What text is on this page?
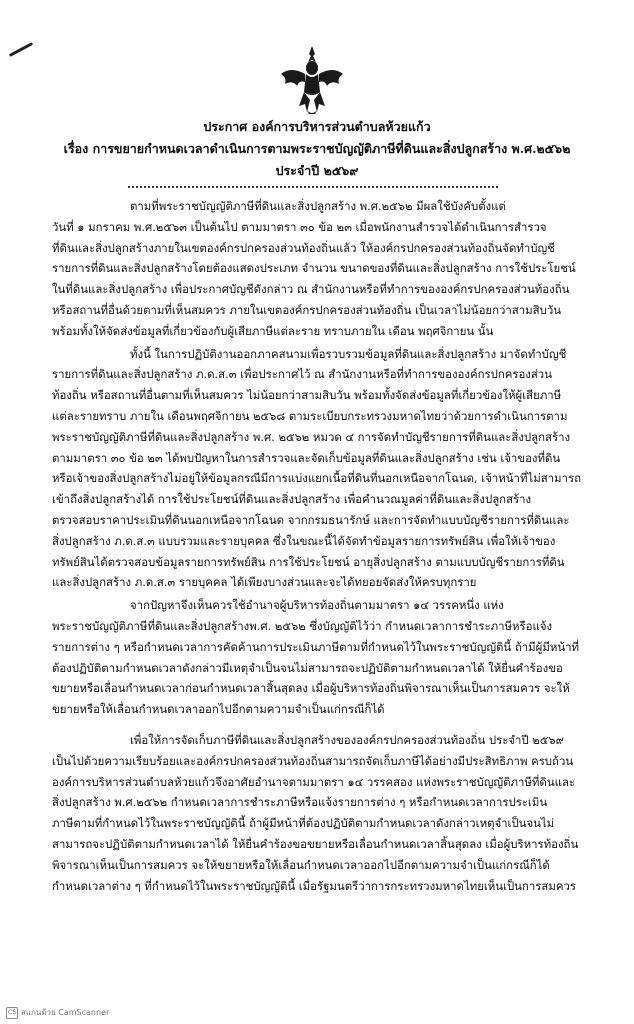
ประกาศ องค์การบริหารส่วนตำบลห้วยแก้ว
เรื่อง การขยายกำหนดเวลาดำเนินการตามพระราชบัญญัติภาษีที่ดินและสิ่งปลูกสร้าง พ.ศ.๒๕๖๒
ประจำปี ๒๕๖๙
ตามที่พระราชบัญญัติภาษีที่ดินและสิ่งปลูกสร้าง พ.ศ.๒๕๖๒ มีผลใช้บังคับตั้งแต่
วันที่ ๑ มกราคม พ.ศ.๒๕๖๓ เป็นต้นไป ตามมาตรา ๓๐ ข้อ ๒๓ เมื่อพนักงานสำรวจได้ดำเนินการสำรวจ
ที่ดินและสิ่งปลูกสร้างภายในเขตองค์กรปกครองส่วนท้องถิ่นแล้ว ให้องค์กรปกครองส่วนท้องถิ่นจัดทำบัญชี
รายการที่ดินและสิ่งปลูกสร้างโดยต้องแสดงประเภท จำนวน ขนาดของที่ดินและสิ่งปลูกสร้าง การใช้ประโยชน์
ในที่ดินและสิ่งปลูกสร้าง เพื่อประกาศบัญชีดังกล่าว ณ สำนักงานหรือที่ทำการขององค์กรปกครองส่วนท้องถิ่น
หรือสถานที่อื่นด้วยตามที่เห็นสมควร ภายในเขตองค์กรปกครองส่วนท้องถิ่น เป็นเวลาไม่น้อยกว่าสามสิบวัน
พร้อมทั้งให้จัดส่งข้อมูลที่เกี่ยวข้องกับผู้เสียภาษีแต่ละราย ทราบภายใน เดือน พฤศจิกายน นั้น
ทั้งนี้ ในการปฏิบัติงานออกภาคสนามเพื่อรวบรวมข้อมูลที่ดินและสิ่งปลูกสร้าง มาจัดทำบัญชี
รายการที่ดินและสิ่งปลูกสร้าง ภ.ด.ส.๓ เพื่อประกาศไว้ ณ สำนักงานหรือที่ทำการขององค์กรปกครองส่วน
ท้องถิ่น หรือสถานที่อื่นตามที่เห็นสมควร ไม่น้อยกว่าสามสิบวัน พร้อมทั้งจัดส่งข้อมูลที่เกี่ยวข้องให้ผู้เสียภาษี
แต่ละรายทราบ ภายใน เดือนพฤศจิกายน ๒๕๖๘ ตามระเบียบกระทรวงมหาดไทยว่าด้วยการดำเนินการตาม
พระราชบัญญัติภาษีที่ดินและสิ่งปลูกสร้าง พ.ศ. ๒๕๖๒ หมวด ๔ การจัดทำบัญชีรายการที่ดินและสิ่งปลูกสร้าง
ตามมาตรา ๓๐ ข้อ ๒๓ ได้พบปัญหาในการสำรวจและจัดเก็บข้อมูลที่ดินและสิ่งปลูกสร้าง เช่น เจ้าของที่ดิน
หรือเจ้าของสิ่งปลูกสร้างไม่อยู่ให้ข้อมูลกรณีมีการแบ่งแยกเนื้อที่ดินที่นอกเหนือจากโฉนด, เจ้าหน้าที่ไม่สามารถ
เข้าถึงสิ่งปลูกสร้างได้ การใช้ประโยชน์ที่ดินและสิ่งปลูกสร้าง เพื่อคำนวณมูลค่าที่ดินและสิ่งปลูกสร้าง
ตรวจสอบราคาประเมินที่ดินนอกเหนือจากโฉนด จากกรมธนารักษ์ และการจัดทำแบบบัญชีรายการที่ดินและ
สิ่งปลูกสร้าง ภ.ด.ส.๓ แบบรวมและรายบุคคล ซึ่งในขณะนี้ได้จัดทำข้อมูลรายการทรัพย์สิน เพื่อให้เจ้าของ
ทรัพย์สินได้ตรวจสอบข้อมูลรายการทรัพย์สิน การใช้ประโยชน์ อายุสิ่งปลูกสร้าง ตามแบบบัญชีรายการที่ดิน
และสิ่งปลูกสร้าง ภ.ด.ส.๓ รายบุคคล ได้เพียงบางส่วนและจะได้ทยอยจัดส่งให้ครบทุกราย
จากปัญหาจึงเห็นควรใช้อำนาจผู้บริหารท้องถิ่นตามมาตรา ๑๔ วรรคหนึ่ง แห่ง
พระราชบัญญัติภาษีที่ดินและสิ่งปลูกสร้างพ.ศ. ๒๕๖๒ ซึ่งบัญญัติไว้ว่า กำหนดเวลาการชำระภาษีหรือแจ้ง
รายการต่าง ๆ หรือกำหนดเวลาการคัดค้านการประเมินภาษีตามที่กำหนดไว้ในพระราชบัญญัตินี้ ถ้ามีผู้มีหน้าที่
ต้องปฏิบัติตามกำหนดเวลาดังกล่าวมีเหตุจำเป็นจนไม่สามารถจะปฏิบัติตามกำหนดเวลาได้ ให้ยื่นคำร้องขอ
ขยายหรือเลื่อนกำหนดเวลาก่อนกำหนดเวลาสิ้นสุดลง เมื่อผู้บริหารท้องถิ่นพิจารณาเห็นเป็นการสมควร จะให้
ขยายหรือให้เลื่อนกำหนดเวลาออกไปอีกตามความจำเป็นแก่กรณีก็ได้
เพื่อให้การจัดเก็บภาษีที่ดินและสิ่งปลูกสร้างขององค์กรปกครองส่วนท้องถิ่น ประจำปี ๒๕๖๙
เป็นไปด้วยความเรียบร้อยและองค์กรปกครองส่วนท้องถิ่นสามารถจัดเก็บภาษีได้อย่างมีประสิทธิภาพ ครบถ้วน
องค์การบริหารส่วนตำบลห้วยแก้วจึงอาศัยอำนาจตามมาตรา ๑๔ วรรคสอง แห่งพระราชบัญญัติภาษีที่ดินและ
สิ่งปลูกสร้าง พ.ศ.๒๕๖๒ กำหนดเวลาการชำระภาษีหรือแจ้งรายการต่าง ๆ หรือกำหนดเวลาการประเมิน
ภาษีตามที่กำหนดไว้ในพระราชบัญญัตินี้ ถ้าผู้มีหน้าที่ต้องปฏิบัติตามกำหนดเวลาดังกล่าวเหตุจำเป็นจนไม่
สามารถจะปฏิบัติตามกำหนดเวลาได้ ให้ยื่นคำร้องขอขยายหรือเลื่อนกำหนดเวลาสิ้นสุดลง เมื่อผู้บริหารท้องถิ่น
พิจารณาเห็นเป็นการสมควร จะให้ขยายหรือให้เลื่อนกำหนดเวลาออกไปอีกตามความจำเป็นแก่กรณีก็ได้
กำหนดเวลาต่าง ๆ ที่กำหนดไว้ในพระราชบัญญัตินี้ เมื่อรัฐมนตรีว่าการกระทรวงมหาดไทยเห็นเป็นการสมควร
CS สแกนด้วย CamScanner
